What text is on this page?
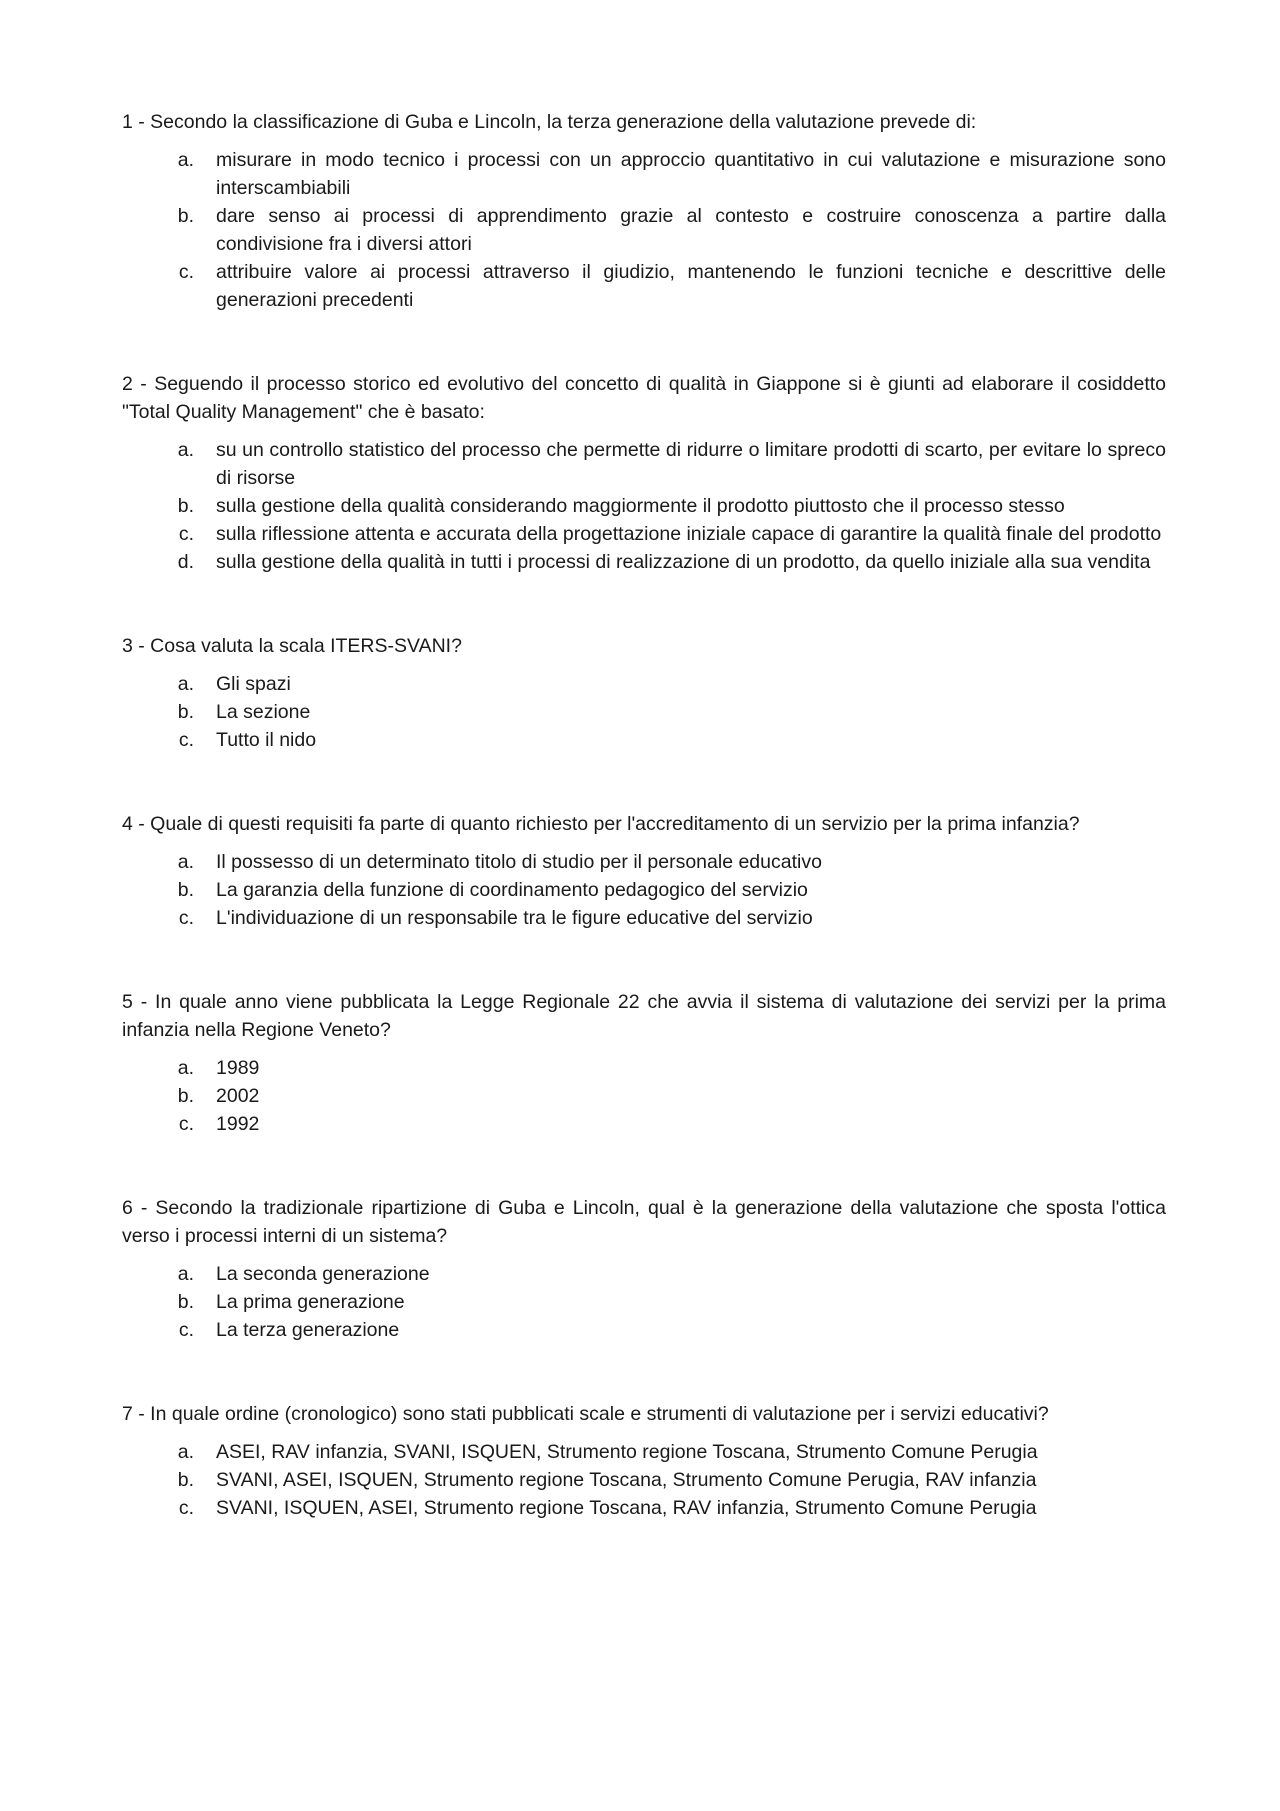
1 - Secondo la classificazione di Guba e Lincoln, la terza generazione della valutazione prevede di:

a.	misurare in modo tecnico i processi con un approccio quantitativo in cui valutazione e misurazione sono interscambiabili
b.	dare senso ai processi di apprendimento grazie al contesto e costruire conoscenza a partire dalla condivisione fra i diversi attori
c.	attribuire valore ai processi attraverso il giudizio, mantenendo le funzioni tecniche e descrittive delle generazioni precedenti

2 - Seguendo il processo storico ed evolutivo del concetto di qualità in Giappone si è giunti ad elaborare il cosiddetto "Total Quality Management" che è basato:

a.	su un controllo statistico del processo che permette di ridurre o limitare prodotti di scarto, per evitare lo spreco di risorse
b.	sulla gestione della qualità considerando maggiormente il prodotto piuttosto che il processo stesso
c.	sulla riflessione attenta e accurata della progettazione iniziale capace di garantire la qualità finale del prodotto
d.	sulla gestione della qualità in tutti i processi di realizzazione di un prodotto, da quello iniziale alla sua vendita

3 - Cosa valuta la scala ITERS-SVANI?

a.	Gli spazi
b.	La sezione
c.	Tutto il nido

4 - Quale di questi requisiti fa parte di quanto richiesto per l'accreditamento di un servizio per la prima infanzia?

a.	Il possesso di un determinato titolo di studio per il personale educativo
b.	La garanzia della funzione di coordinamento pedagogico del servizio
c.	L'individuazione di un responsabile tra le figure educative del servizio

5 - In quale anno viene pubblicata la Legge Regionale 22 che avvia il sistema di valutazione dei servizi per la prima infanzia nella Regione Veneto?

a.	1989
b.	2002
c.	1992

6 - Secondo la tradizionale ripartizione di Guba e Lincoln, qual è la generazione della valutazione che sposta l'ottica verso i processi interni di un sistema?

a.	La seconda generazione
b.	La prima generazione
c.	La terza generazione

7 - In quale ordine (cronologico) sono stati pubblicati scale e strumenti di valutazione per i servizi educativi?

a.	ASEI, RAV infanzia, SVANI, ISQUEN, Strumento regione Toscana, Strumento Comune Perugia
b.	SVANI, ASEI, ISQUEN, Strumento regione Toscana, Strumento Comune Perugia, RAV infanzia
c.	SVANI, ISQUEN, ASEI, Strumento regione Toscana, RAV infanzia, Strumento Comune Perugia
